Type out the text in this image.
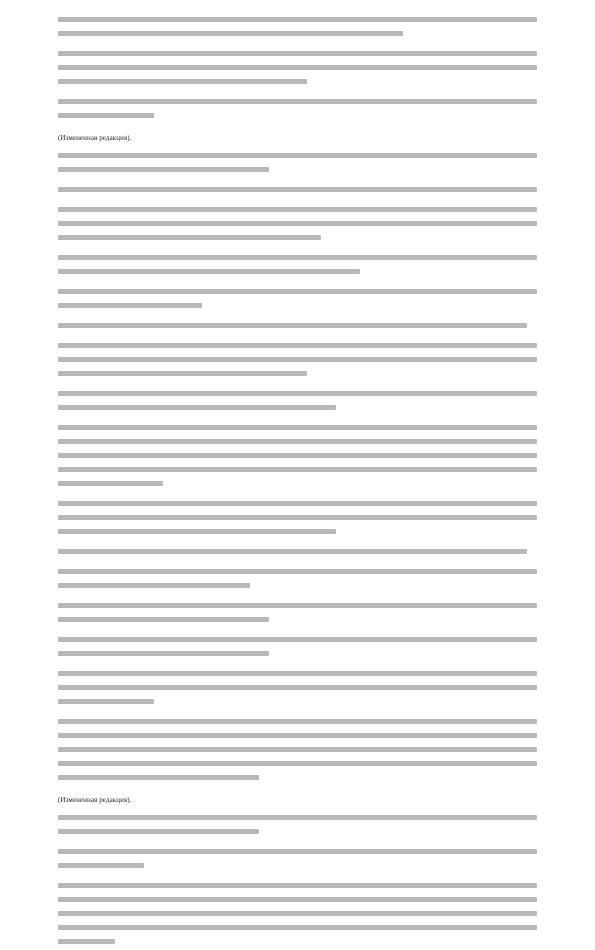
(Измененная редакция).
(Измененная редакция).
